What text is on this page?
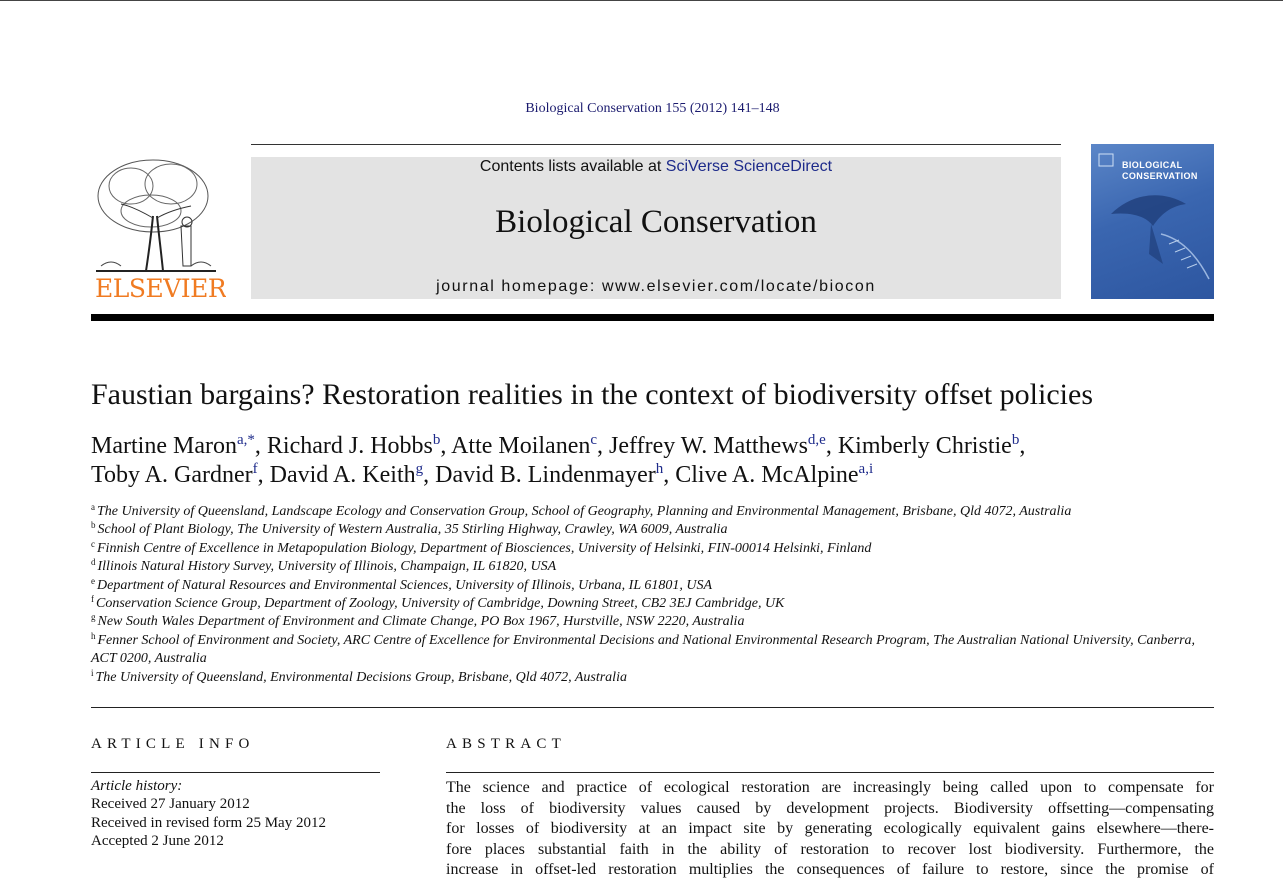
Biological Conservation 155 (2012) 141–148
ELSEVIER
Contents lists available at SciVerse ScienceDirect
Biological Conservation
journal homepage: www.elsevier.com/locate/biocon
BIOLOGICAL
CONSERVATION
Faustian bargains? Restoration realities in the context of biodiversity offset policies
Martine Maron$^{a,*}$, Richard J. Hobbs$^b$, Atte Moilanen$^c$, Jeffrey W. Matthews$^{d,e}$, Kimberly Christie$^b$,
Toby A. Gardner$^f$, David A. Keith$^g$, David B. Lindenmayer$^h$, Clive A. McAlpine$^{a,i}$
$^a$ The University of Queensland, Landscape Ecology and Conservation Group, School of Geography, Planning and Environmental Management, Brisbane, Qld 4072, Australia
$^b$ School of Plant Biology, The University of Western Australia, 35 Stirling Highway, Crawley, WA 6009, Australia
$^c$ Finnish Centre of Excellence in Metapopulation Biology, Department of Biosciences, University of Helsinki, FIN-00014 Helsinki, Finland
$^d$ Illinois Natural History Survey, University of Illinois, Champaign, IL 61820, USA
$^e$ Department of Natural Resources and Environmental Sciences, University of Illinois, Urbana, IL 61801, USA
$^f$ Conservation Science Group, Department of Zoology, University of Cambridge, Downing Street, CB2 3EJ Cambridge, UK
$^g$ New South Wales Department of Environment and Climate Change, PO Box 1967, Hurstville, NSW 2220, Australia
$^h$ Fenner School of Environment and Society, ARC Centre of Excellence for Environmental Decisions and National Environmental Research Program, The Australian National University, Canberra, ACT 0200, Australia
$^i$ The University of Queensland, Environmental Decisions Group, Brisbane, Qld 4072, Australia
ARTICLE INFO	ABSTRACT
Article history:
Received 27 January 2012
Received in revised form 25 May 2012
Accepted 2 June 2012
The science and practice of ecological restoration are increasingly being called upon to compensate for
the loss of biodiversity values caused by development projects. Biodiversity offsetting—compensating
for losses of biodiversity at an impact site by generating ecologically equivalent gains elsewhere—there-
fore places substantial faith in the ability of restoration to recover lost biodiversity. Furthermore, the
increase in offset-led restoration multiplies the consequences of failure to restore, since the promise of
